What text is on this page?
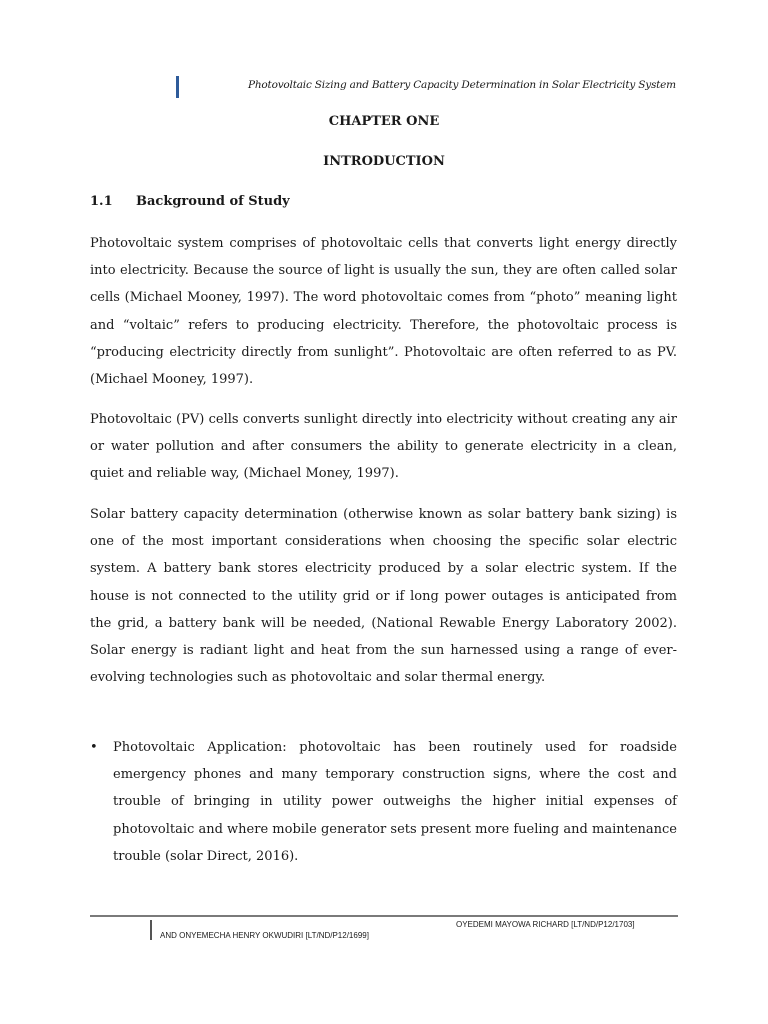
Photovoltaic Sizing and Battery Capacity Determination in Solar Electricity System
CHAPTER ONE
INTRODUCTION
1.1 Background of Study

Photovoltaic system comprises of photovoltaic cells that converts light energy directly into electricity. Because the source of light is usually the sun, they are often called solar cells (Michael Mooney, 1997). The word photovoltaic comes from “photo” meaning light and “voltaic” refers to producing electricity. Therefore, the photovoltaic process is “producing electricity directly from sunlight”. Photovoltaic are often referred to as PV. (Michael Mooney, 1997).

Photovoltaic (PV) cells converts sunlight directly into electricity without creating any air or water pollution and after consumers the ability to generate electricity in a clean, quiet and reliable way, (Michael Money, 1997).

Solar battery capacity determination (otherwise known as solar battery bank sizing) is one of the most important considerations when choosing the specific solar electric system. A battery bank stores electricity produced by a solar electric system. If the house is not connected to the utility grid or if long power outages is anticipated from the grid, a battery bank will be needed, (National Rewable Energy Laboratory 2002). Solar energy is radiant light and heat from the sun harnessed using a range of ever-evolving technologies such as photovoltaic and solar thermal energy.

• Photovoltaic Application: photovoltaic has been routinely used for roadside emergency phones and many temporary construction signs, where the cost and trouble of bringing in utility power outweighs the higher initial expenses of photovoltaic and where mobile generator sets present more fueling and maintenance trouble (solar Direct, 2016).

OYEDEMI MAYOWA RICHARD [LT/ND/P12/1703]
AND ONYEMECHA HENRY OKWUDIRI [LT/ND/P12/1699]
